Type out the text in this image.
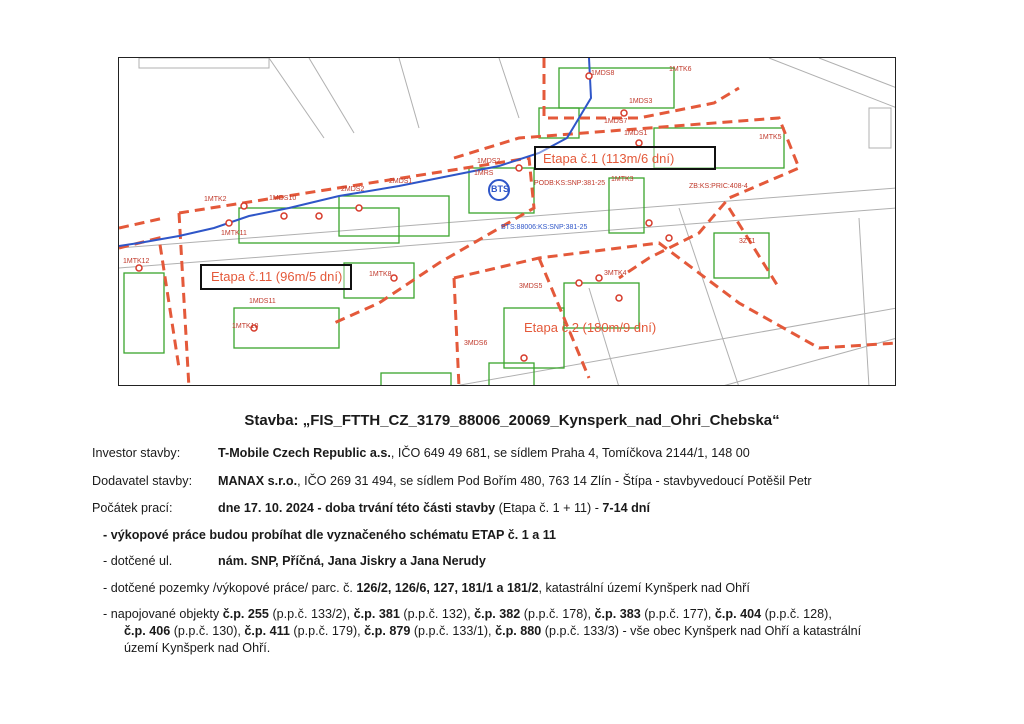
Etapa č.1 (113m/6 dní)
Etapa č.11 (96m/5 dní)
Etapa č.2 (180m/9 dní)
BTS
1MDS8
1MTK6
1MDS7
1MTK5
1MDS1
1MDS2
1MRS
PODB:KS:SNP:381-25
1MTK3
1MDS10
2MDS2
2MDS1
1MTK2
1MTK12
1MTK11
1MTK8
1MTK10
1MDS11
BTS:88006:KS:SNP:381-25
3MDS5
3MTK4
3MDS6
3ZT1
ZB:KS:PRIC:408-4
1MDS3
Stavba: „FIS_FTTH_CZ_3179_88006_20069_Kynsperk_nad_Ohri_Chebska“
Investor stavby:	T-Mobile Czech Republic a.s., IČO 649 49 681, se sídlem Praha 4, Tomíčkova 2144/1, 148 00
Dodavatel stavby: MANAX s.r.o., IČO 269 31 494, se sídlem Pod Bořím 480, 763 14 Zlín - Štípa - stavbyvedoucí Potěšil Petr
Počátek prací:	dne 17. 10. 2024 - doba trvání této části stavby (Etapa č. 1 + 11) - 7-14 dní
- výkopové práce budou probíhat dle vyznačeného schématu ETAP č. 1 a 11
- dotčené ul.	nám. SNP, Příčná, Jana Jiskry a Jana Nerudy
- dotčené pozemky /výkopové práce/ parc. č. 126/2, 126/6, 127, 181/1 a 181/2, katastrální území Kynšperk nad Ohří
- napojované objekty č.p. 255 (p.p.č. 133/2), č.p. 381 (p.p.č. 132), č.p. 382 (p.p.č. 178), č.p. 383 (p.p.č. 177), č.p. 404 (p.p.č. 128),
č.p. 406 (p.p.č. 130), č.p. 411 (p.p.č. 179), č.p. 879 (p.p.č. 133/1), č.p. 880 (p.p.č. 133/3) - vše obec Kynšperk nad Ohří a katastrální
území Kynšperk nad Ohří.
